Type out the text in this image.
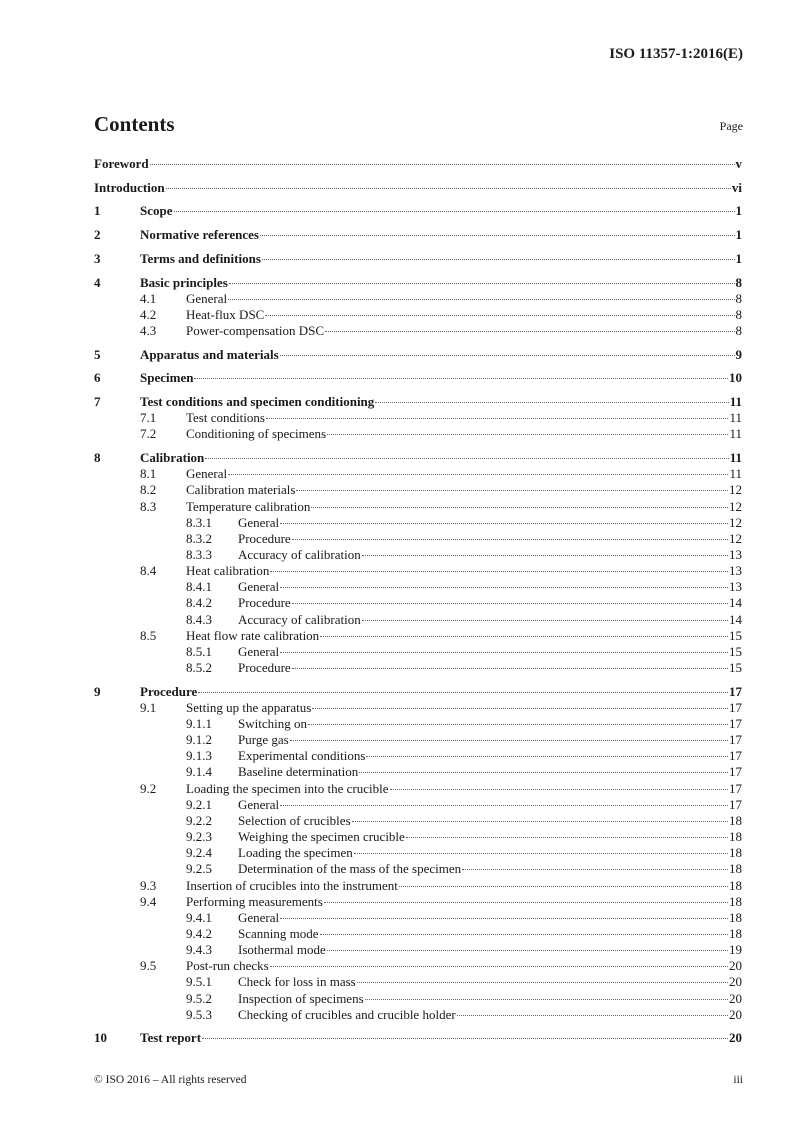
ISO 11357-1:2016(E)
Contents	Page
Foreword	v
Introduction	vi
1	Scope	1
2	Normative references	1
3	Terms and definitions	1
4	Basic principles	8
4.1 General	8
4.2 Heat-flux DSC	8
4.3 Power-compensation DSC	8
5	Apparatus and materials	9
6	Specimen	10
7	Test conditions and specimen conditioning	11
7.1 Test conditions	11
7.2 Conditioning of specimens	11
8	Calibration	11
8.1 General	11
8.2 Calibration materials	12
8.3 Temperature calibration	12
8.3.1 General	12
8.3.2 Procedure	12
8.3.3 Accuracy of calibration	13
8.4 Heat calibration	13
8.4.1 General	13
8.4.2 Procedure	14
8.4.3 Accuracy of calibration	14
8.5 Heat flow rate calibration	15
8.5.1 General	15
8.5.2 Procedure	15
9	Procedure	17
9.1 Setting up the apparatus	17
9.1.1 Switching on	17
9.1.2 Purge gas	17
9.1.3 Experimental conditions	17
9.1.4 Baseline determination	17
9.2 Loading the specimen into the crucible	17
9.2.1 General	17
9.2.2 Selection of crucibles	18
9.2.3 Weighing the specimen crucible	18
9.2.4 Loading the specimen	18
9.2.5 Determination of the mass of the specimen	18
9.3 Insertion of crucibles into the instrument	18
9.4 Performing measurements	18
9.4.1 General	18
9.4.2 Scanning mode	18
9.4.3 Isothermal mode	19
9.5 Post-run checks	20
9.5.1 Check for loss in mass	20
9.5.2 Inspection of specimens	20
9.5.3 Checking of crucibles and crucible holder	20
10	Test report	20
© ISO 2016 – All rights reserved	iii
